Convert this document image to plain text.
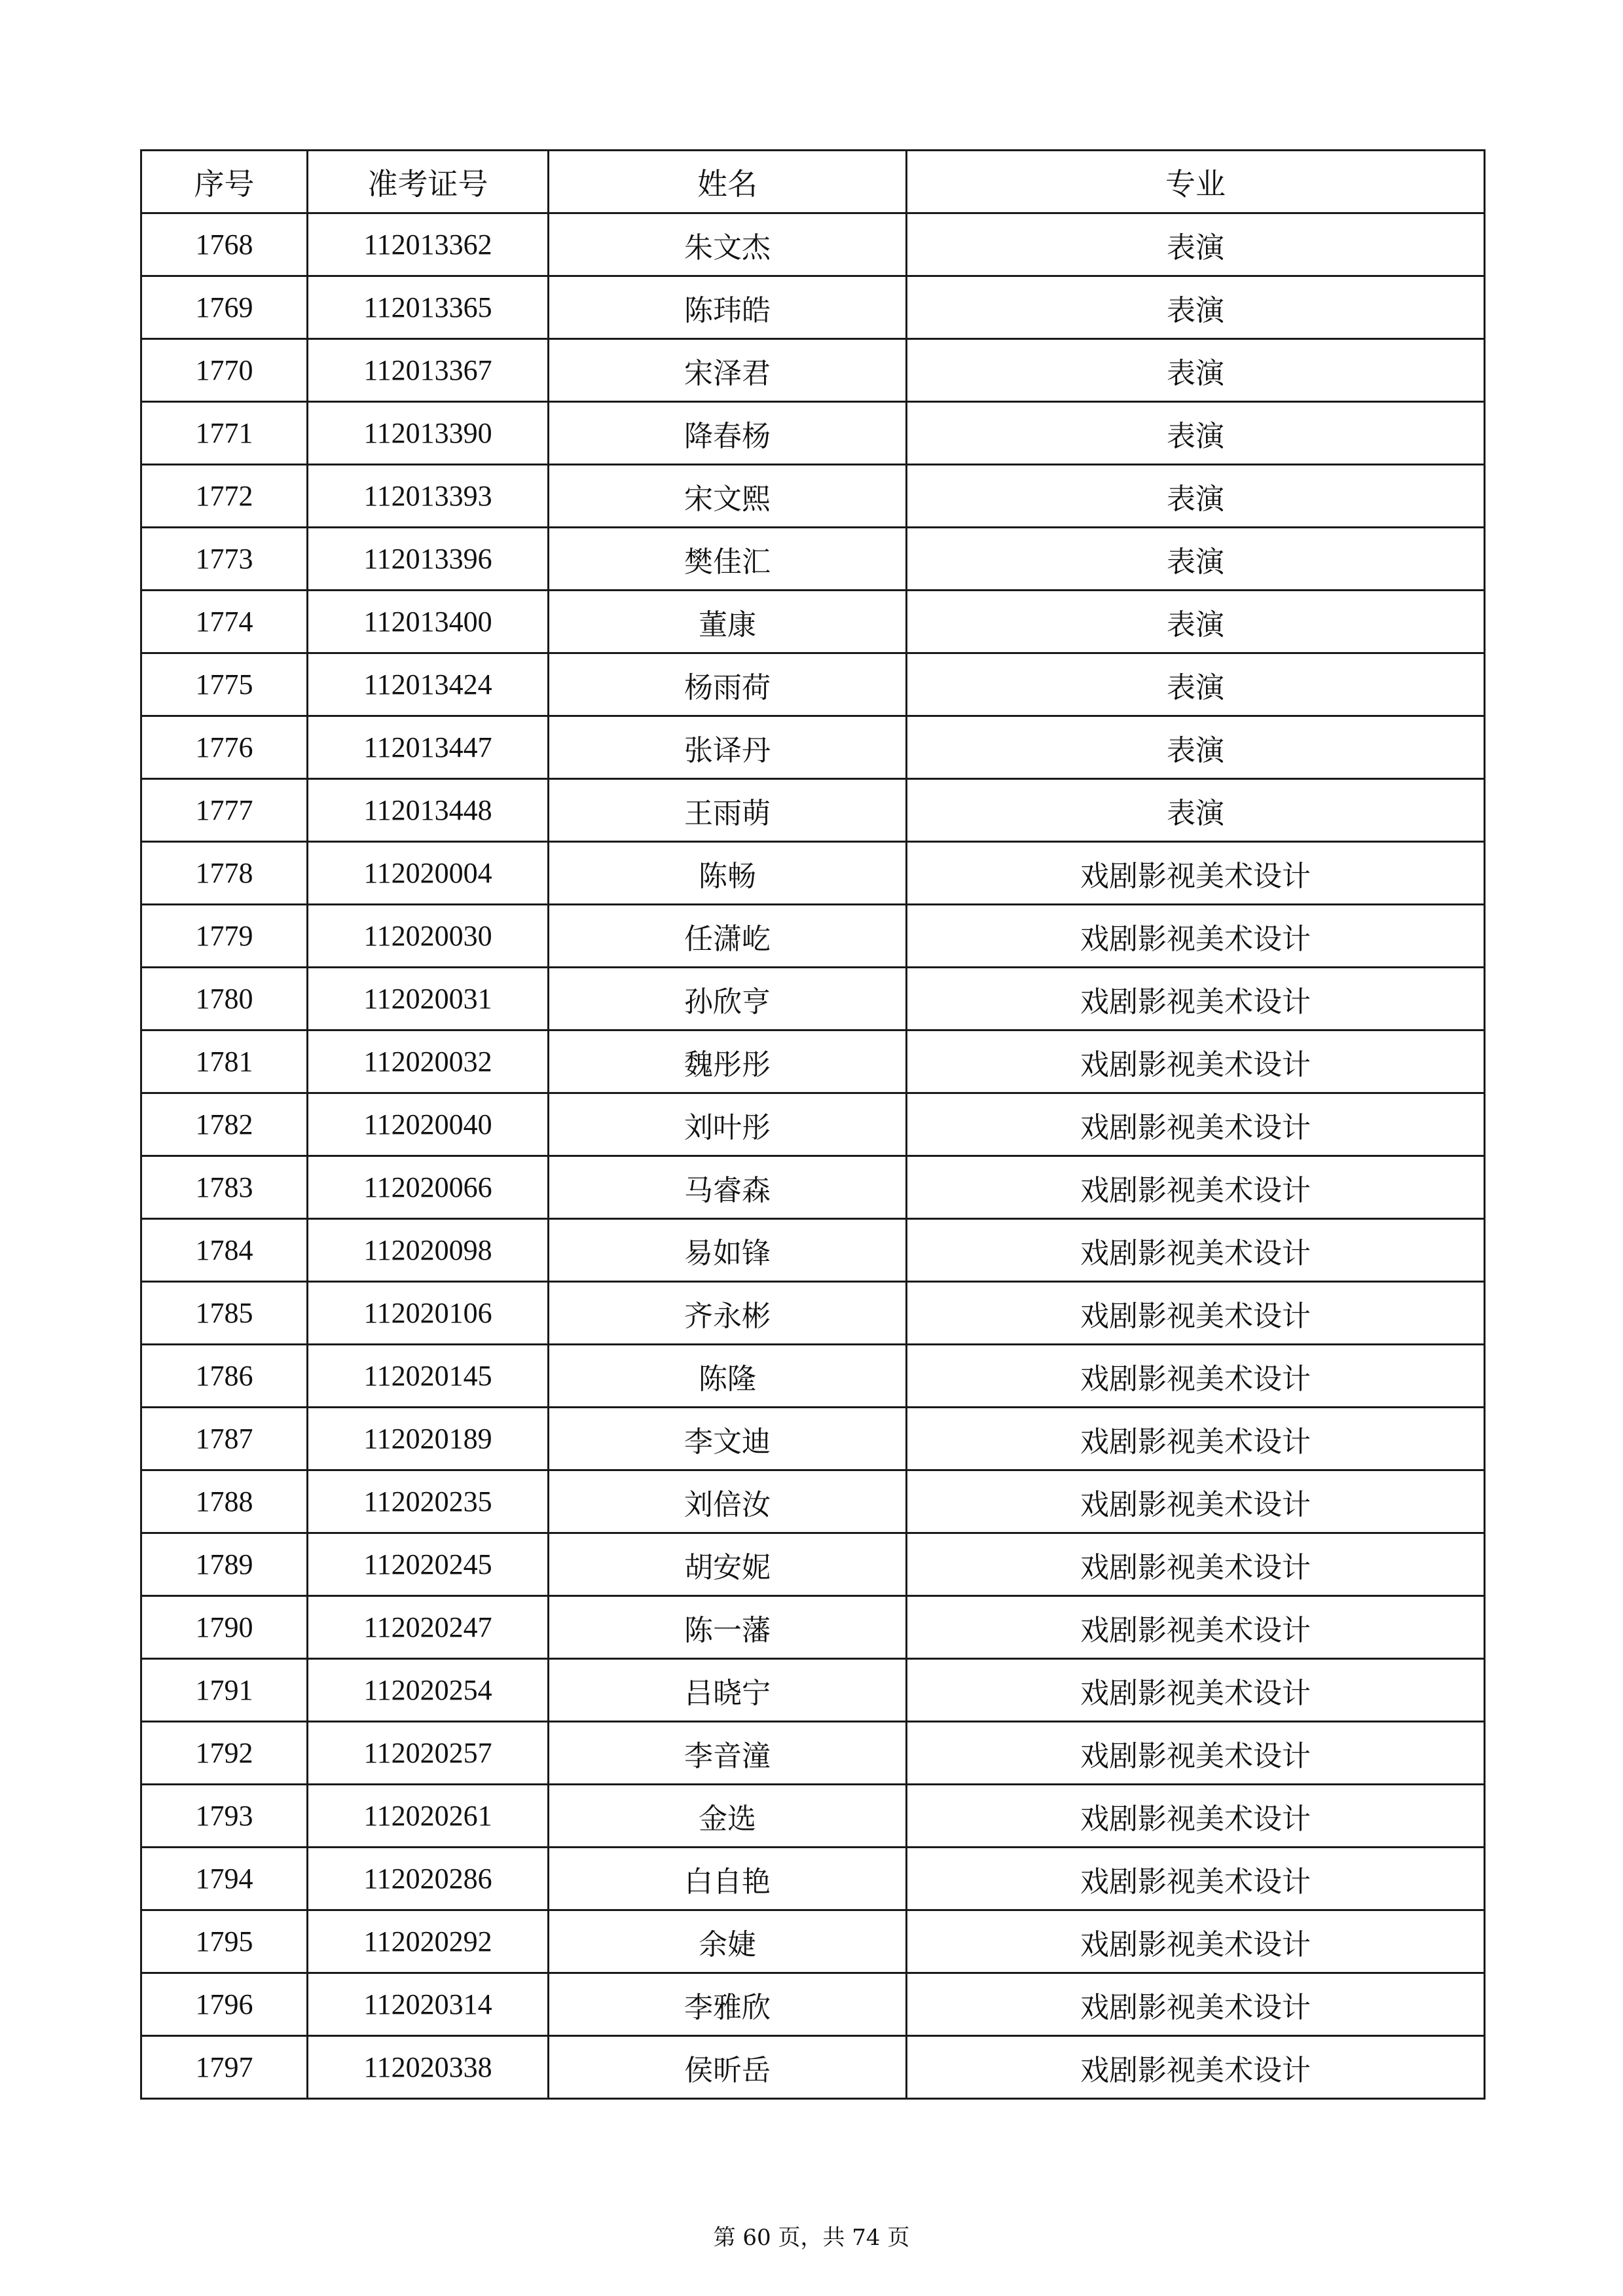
序号	准考证号	姓名	专业
1768	112013362	朱文杰	表演
1769	112013365	陈玮皓	表演
1770	112013367	宋泽君	表演
1771	112013390	降春杨	表演
1772	112013393	宋文熙	表演
1773	112013396	樊佳汇	表演
1774	112013400	董康	表演
1775	112013424	杨雨荷	表演
1776	112013447	张译丹	表演
1777	112013448	王雨萌	表演
1778	112020004	陈畅	戏剧影视美术设计
1779	112020030	任潇屹	戏剧影视美术设计
1780	112020031	孙欣亨	戏剧影视美术设计
1781	112020032	魏彤彤	戏剧影视美术设计
1782	112020040	刘叶彤	戏剧影视美术设计
1783	112020066	马睿森	戏剧影视美术设计
1784	112020098	易如锋	戏剧影视美术设计
1785	112020106	齐永彬	戏剧影视美术设计
1786	112020145	陈隆	戏剧影视美术设计
1787	112020189	李文迪	戏剧影视美术设计
1788	112020235	刘倍汝	戏剧影视美术设计
1789	112020245	胡安妮	戏剧影视美术设计
1790	112020247	陈一藩	戏剧影视美术设计
1791	112020254	吕晓宁	戏剧影视美术设计
1792	112020257	李音潼	戏剧影视美术设计
1793	112020261	金选	戏剧影视美术设计
1794	112020286	白自艳	戏剧影视美术设计
1795	112020292	余婕	戏剧影视美术设计
1796	112020314	李雅欣	戏剧影视美术设计
1797	112020338	侯昕岳	戏剧影视美术设计
第 60 页，共 74 页
